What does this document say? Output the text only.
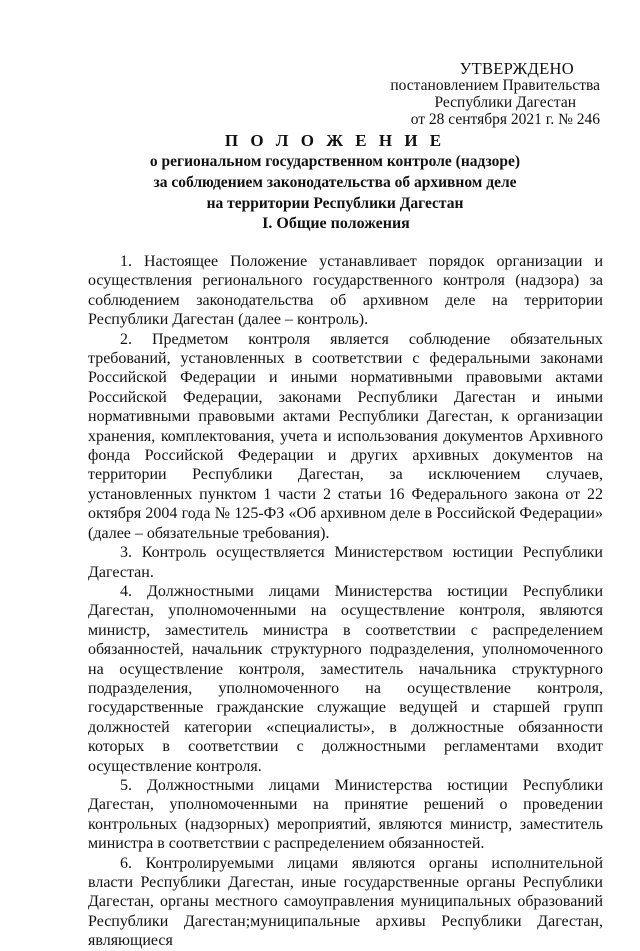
УТВЕРЖДЕНО
постановлением Правительства
Республики Дагестан
от 28 сентября 2021 г. № 246
П О Л О Ж Е Н И Е
о региональном государственном контроле (надзоре)
за соблюдением законодательства об архивном деле
на территории Республики Дагестан
I. Общие положения

1. Настоящее Положение устанавливает порядок организации и осуществления регионального государственного контроля (надзора) за соблюдением законодательства об архивном деле на территории Республики Дагестан (далее – контроль).

2. Предметом контроля является соблюдение обязательных требований, установленных в соответствии с федеральными законами Российской Федерации и иными нормативными правовыми актами Российской Федерации, законами Республики Дагестан и иными нормативными правовыми актами Республики Дагестан, к организации хранения, комплектования, учета и использования документов Архивного фонда Российской Федерации и других архивных документов на территории Республики Дагестан, за исключением случаев, установленных пунктом 1 части 2 статьи 16 Федерального закона от 22 октября 2004 года № 125-ФЗ «Об архивном деле в Российской Федерации» (далее – обязательные требования).

3. Контроль осуществляется Министерством юстиции Республики Дагестан.

4. Должностными лицами Министерства юстиции Республики Дагестан, уполномоченными на осуществление контроля, являются министр, заместитель министра в соответствии с распределением обязанностей, начальник структурного подразделения, уполномоченного на осуществление контроля, заместитель начальника структурного подразделения, уполномоченного на осуществление контроля, государственные гражданские служащие ведущей и старшей групп должностей категории «специалисты», в должностные обязанности которых в соответствии с должностными регламентами входит осуществление контроля.

5. Должностными лицами Министерства юстиции Республики Дагестан, уполномоченными на принятие решений о проведении контрольных (надзорных) мероприятий, являются министр, заместитель министра в соответствии с распределением обязанностей.

6. Контролируемыми лицами являются органы исполнительной власти Республики Дагестан, иные государственные органы Республики Дагестан, органы местного самоуправления муниципальных образований Республики Дагестан;муниципальные архивы Республики Дагестан, являющиеся
